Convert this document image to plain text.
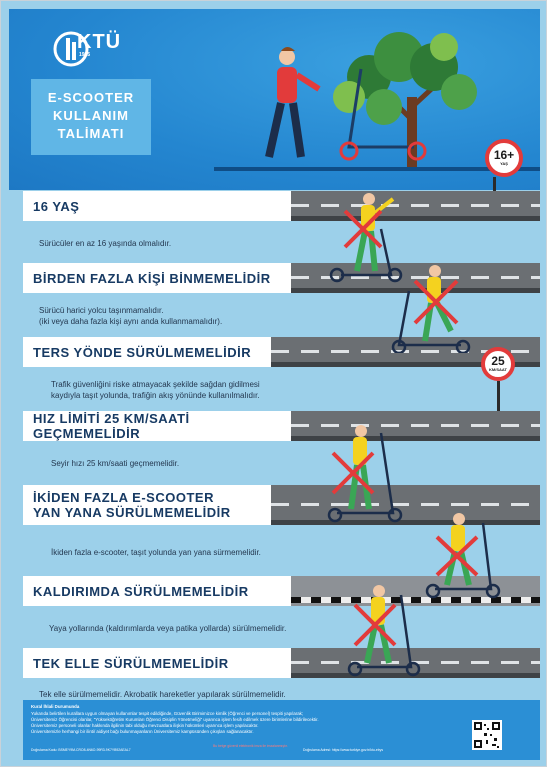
KTÜ
1955
E-SCOOTER
KULLANIM
TALİMATI
16+
YAŞ
16 YAŞ
Sürücüler en az 16 yaşında olmalıdır.
BİRDEN FAZLA KİŞİ BİNMEMELİDİR
Sürücü harici yolcu taşınmamalıdır.
(iki veya daha fazla kişi aynı anda kullanmamalıdır).
TERS YÖNDE SÜRÜLMEMELİDİR
Trafik güvenliğini riske atmayacak şekilde sağdan gidilmesi
kaydıyla taşıt yolunda, trafiğin akış yönünde kullanılmalıdır.
25
KM/SAAT
HIZ LİMİTİ 25 KM/SAATİ GEÇMEMELİDİR
Seyir hızı 25 km/saati geçmemelidir.
İKİDEN FAZLA E-SCOOTER
YAN YANA SÜRÜLMEMELİDİR
İkiden fazla e-scooter, taşıt yolunda yan yana sürmemelidir.
KALDIRIMDA SÜRÜLMEMELİDİR
Yaya yollarında (kaldırımlarda veya patika yollarda) sürülmemelidir.
TEK ELLE SÜRÜLMEMELİDİR
Tek elle sürülmemelidir. Akrobatik hareketler yapılarak sürülmemelidir.
Kural İhlali Durumunda
Yukarıda belirtilen kurallara uygun olmayan kullanımlar tespit edildiğinde, Güvenlik Birimimizce kimlik (Öğrenci ve personel) tespiti yapılarak;
Üniversitemiz Öğrencisi olanlar, "Yükseköğretim Kurumları Öğrenci Disiplin Yönetmeliği" uyarınca işlem fesih edilmek üzere birimlerine bildirilecektir.
Üniversitemiz personeli olanlar hakkında ilgilinin tabi olduğu mevzuatlara ilişkin hükümleri uyarınca işlem yapılacaktır.
Üniversitemizle herhangi bir ilinti/ aidiyet bağı bulunmayanların Üniversitemiz kampüsünden çıkışları sağlanacaktır.
Doğrulama Kodu: BSMEY9M-CRO8-4N6O-99R3-9K7YB92AEAL7
Bu belge güvenli elektronik imza ile imzalanmıştır.
Doğrulama Adresi: https://www.turkiye.gov.tr/ktu-ebys
